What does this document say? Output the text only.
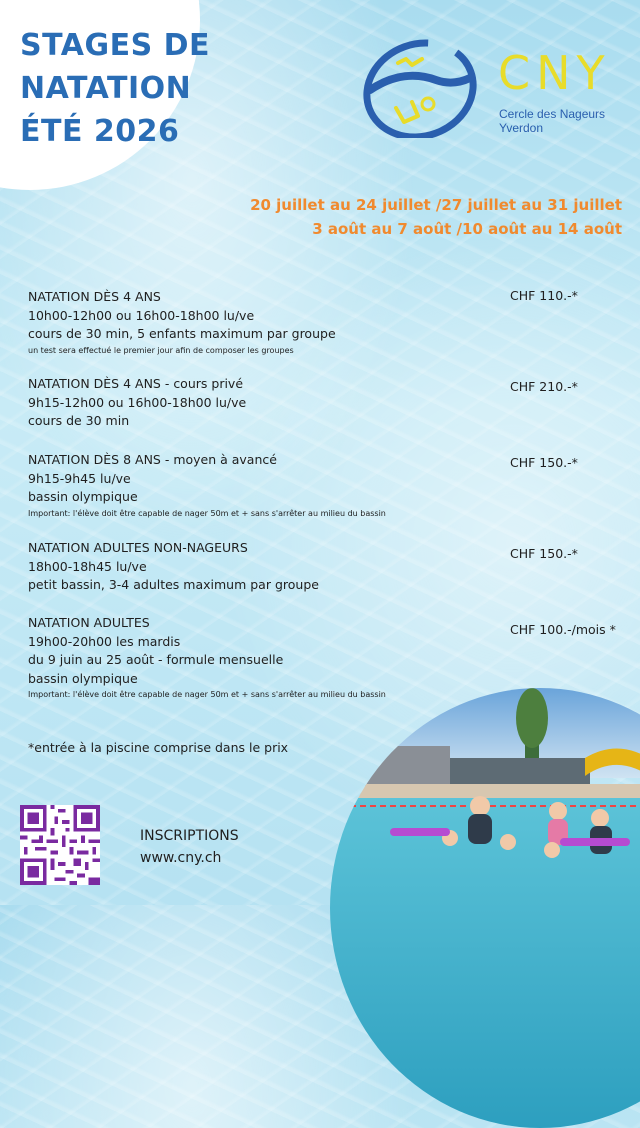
STAGES DE
NATATION
ÉTÉ 2026
CNY
Cercle des Nageurs Yverdon

20 juillet au 24 juillet /27 juillet au 31 juillet
3 août au 7 août /10 août au 14 août

NATATION DÈS 4 ANS
10h00-12h00 ou 16h00-18h00 lu/ve
cours de 30 min, 5 enfants maximum par groupe
un test sera effectué le premier jour afin de composer les groupes
CHF 110.-*
NATATION DÈS 4 ANS - cours privé
9h15-12h00 ou 16h00-18h00 lu/ve
cours de 30 min
CHF 210.-*
NATATION DÈS 8 ANS - moyen à avancé
9h15-9h45 lu/ve
bassin olympique
Important: l'élève doit être capable de nager 50m et + sans s'arrêter au milieu du bassin
CHF 150.-*
NATATION ADULTES NON-NAGEURS
18h00-18h45 lu/ve
petit bassin, 3-4 adultes maximum par groupe
CHF 150.-*
NATATION ADULTES
19h00-20h00 les mardis
du 9 juin au 25 août - formule mensuelle
bassin olympique
Important: l'élève doit être capable de nager 50m et + sans s'arrêter au milieu du bassin
CHF 100.-/mois *

*entrée à la piscine comprise dans le prix

INSCRIPTIONS
www.cny.ch
